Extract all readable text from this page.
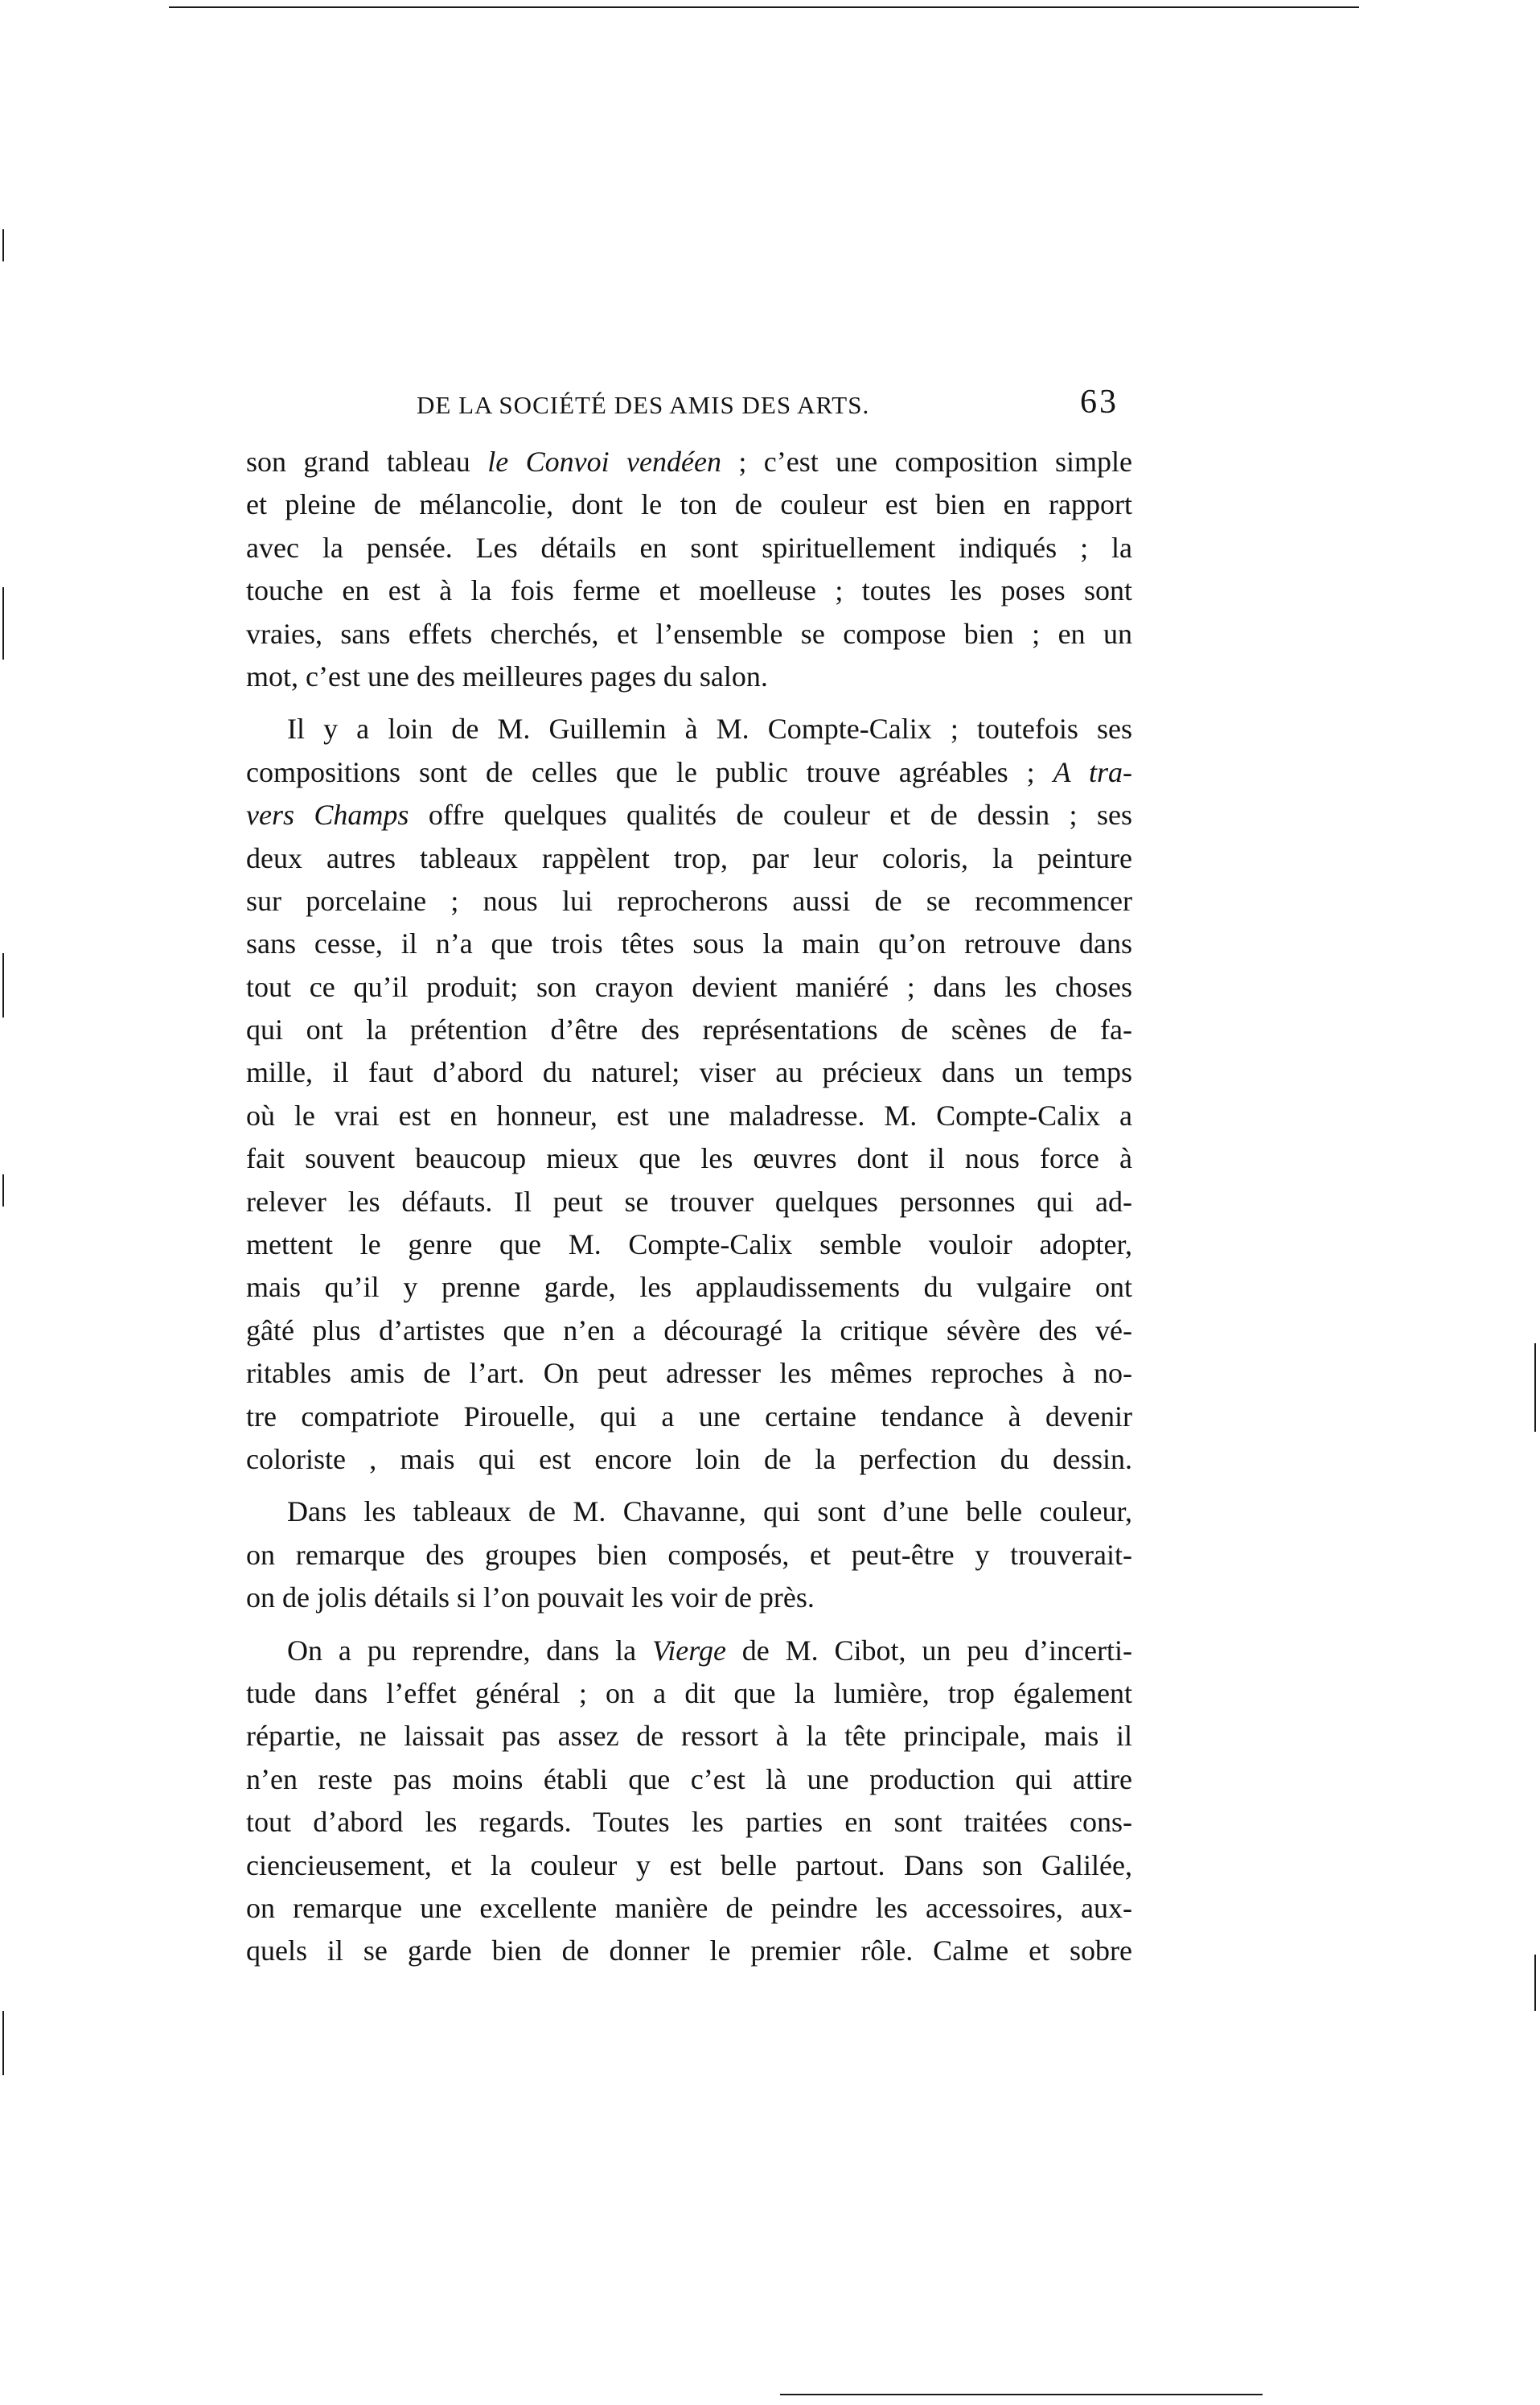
DE LA SOCIÉTÉ DES AMIS DES ARTS.	63
son grand tableau le Convoi vendéen ; c’est une composition simple
et pleine de mélancolie, dont le ton de couleur est bien en rapport
avec la pensée. Les détails en sont spirituellement indiqués ; la
touche en est à la fois ferme et moelleuse ; toutes les poses sont
vraies, sans effets cherchés, et l’ensemble se compose bien ; en un
mot, c’est une des meilleures pages du salon.
Il y a loin de M. Guillemin à M. Compte-Calix ; toutefois ses
compositions sont de celles que le public trouve agréables ; A tra-
vers Champs offre quelques qualités de couleur et de dessin ; ses
deux autres tableaux rappèlent trop, par leur coloris, la peinture
sur porcelaine ; nous lui reprocherons aussi de se recommencer
sans cesse, il n’a que trois têtes sous la main qu’on retrouve dans
tout ce qu’il produit; son crayon devient maniéré ; dans les choses
qui ont la prétention d’être des représentations de scènes de fa-
mille, il faut d’abord du naturel; viser au précieux dans un temps
où le vrai est en honneur, est une maladresse. M. Compte-Calix a
fait souvent beaucoup mieux que les œuvres dont il nous force à
relever les défauts. Il peut se trouver quelques personnes qui ad-
mettent le genre que M. Compte-Calix semble vouloir adopter,
mais qu’il y prenne garde, les applaudissements du vulgaire ont
gâté plus d’artistes que n’en a découragé la critique sévère des vé-
ritables amis de l’art. On peut adresser les mêmes reproches à no-
tre compatriote Pirouelle, qui a une certaine tendance à devenir
coloriste , mais qui est encore loin de la perfection du dessin.
Dans les tableaux de M. Chavanne, qui sont d’une belle couleur,
on remarque des groupes bien composés, et peut-être y trouverait-
on de jolis détails si l’on pouvait les voir de près.
On a pu reprendre, dans la Vierge de M. Cibot, un peu d’incerti-
tude dans l’effet général ; on a dit que la lumière, trop également
répartie, ne laissait pas assez de ressort à la tête principale, mais il
n’en reste pas moins établi que c’est là une production qui attire
tout d’abord les regards. Toutes les parties en sont traitées cons-
ciencieusement, et la couleur y est belle partout. Dans son Galilée,
on remarque une excellente manière de peindre les accessoires, aux-
quels il se garde bien de donner le premier rôle. Calme et sobre
